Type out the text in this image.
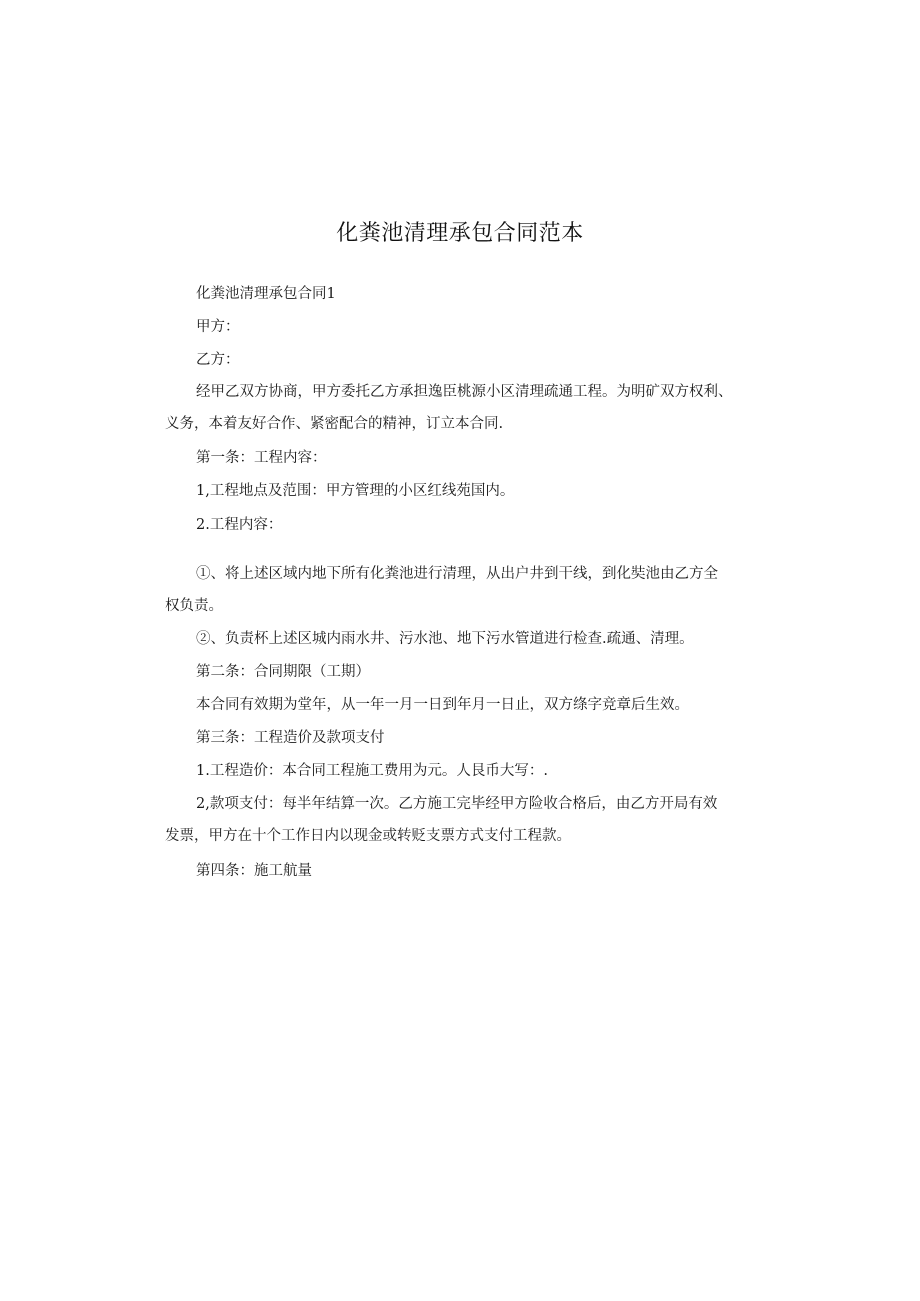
化粪池清理承包合同范本
化粪池清理承包合同1
甲方：
乙方：
经甲乙双方协商，甲方委托乙方承担逸臣桃源小区清理疏通工程。为明矿双方权利、
义务，本着友好合作、紧密配合的精神，订立本合同.
第一条：工程内容：
1,工程地点及范围：甲方管理的小区红线苑国内。
2.工程内容：
①、将上述区域内地下所有化粪池进行清理，从出户井到干线，到化奘池由乙方全
权负责。
②、负责杯上述区城内雨水井、污水池、地下污水管道进行检查.疏通、清理。
第二条：合同期限（工期）
本合同有效期为堂年，从一年一月一日到年月一日止，双方绦字竞章后生效。
第三条：工程造价及款项支付
1.工程造价：本合同工程施工费用为元。人艮币大写：.
2,款项支付：每半年结算一次。乙方施工完毕经甲方险收合格后，由乙方开局有效
发票，甲方在十个工作日内以现金或转贬支票方式支付工程款。
第四条：施工航量
